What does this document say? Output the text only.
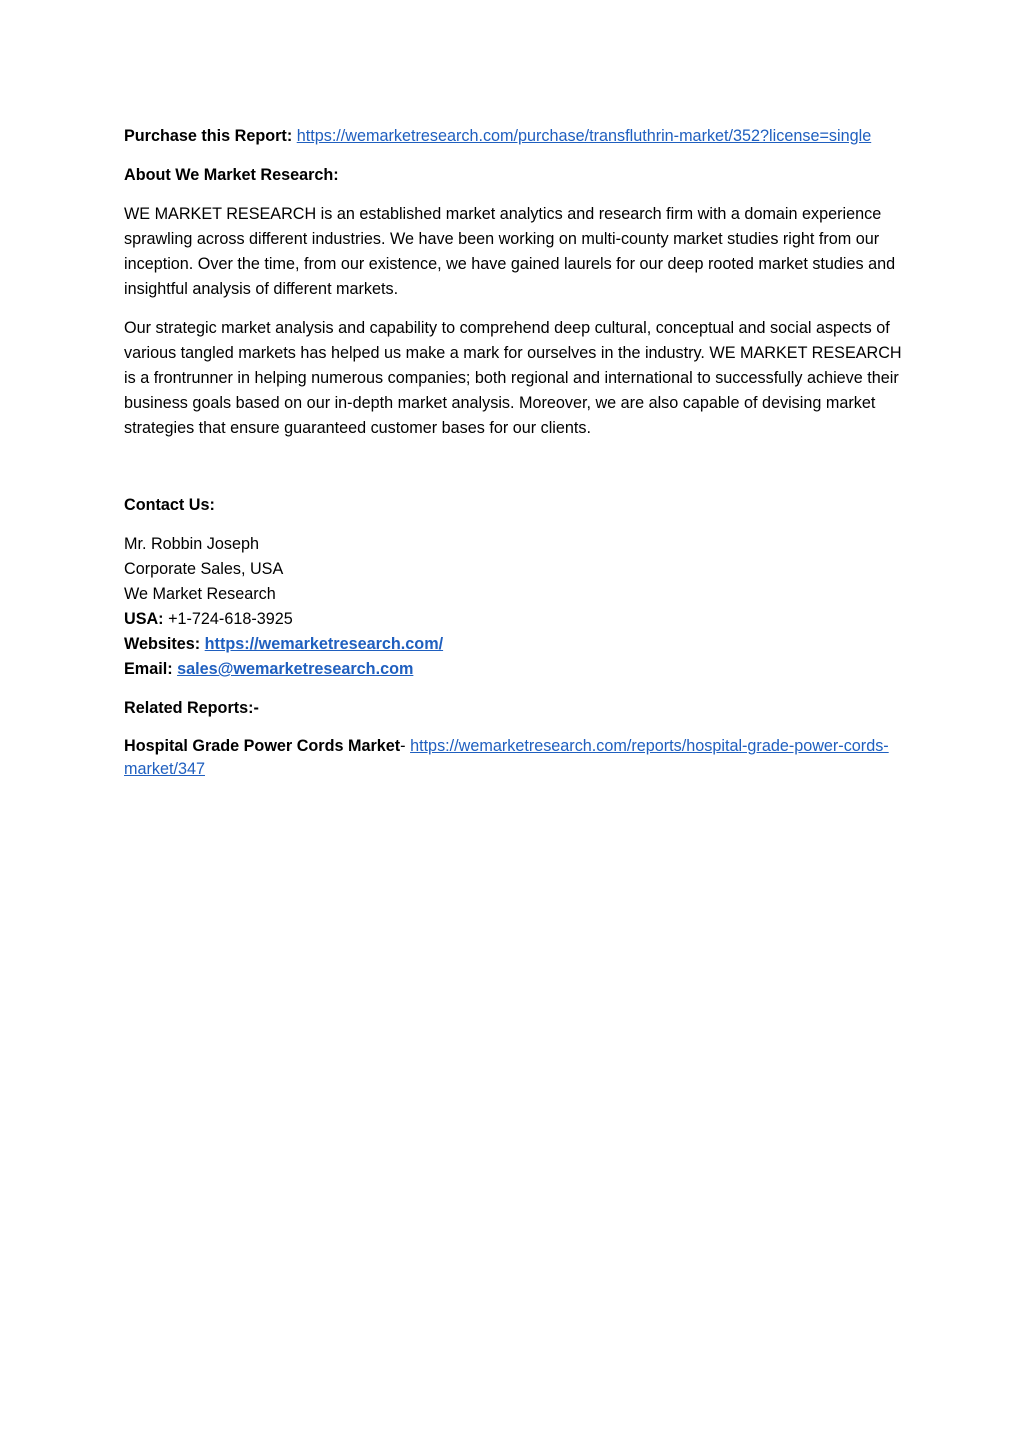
Purchase this Report: https://wemarketresearch.com/purchase/transfluthrin-market/352?license=single

About We Market Research:

WE MARKET RESEARCH is an established market analytics and research firm with a domain experience sprawling across different industries. We have been working on multi-county market studies right from our inception. Over the time, from our existence, we have gained laurels for our deep rooted market studies and insightful analysis of different markets.

Our strategic market analysis and capability to comprehend deep cultural, conceptual and social aspects of various tangled markets has helped us make a mark for ourselves in the industry. WE MARKET RESEARCH is a frontrunner in helping numerous companies; both regional and international to successfully achieve their business goals based on our in-depth market analysis. Moreover, we are also capable of devising market strategies that ensure guaranteed customer bases for our clients.

Contact Us:

Mr. Robbin Joseph
Corporate Sales, USA
We Market Research
USA: +1-724-618-3925
Websites: https://wemarketresearch.com/
Email: sales@wemarketresearch.com

Related Reports:-

Hospital Grade Power Cords Market- https://wemarketresearch.com/reports/hospital-grade-power-cords-market/347
